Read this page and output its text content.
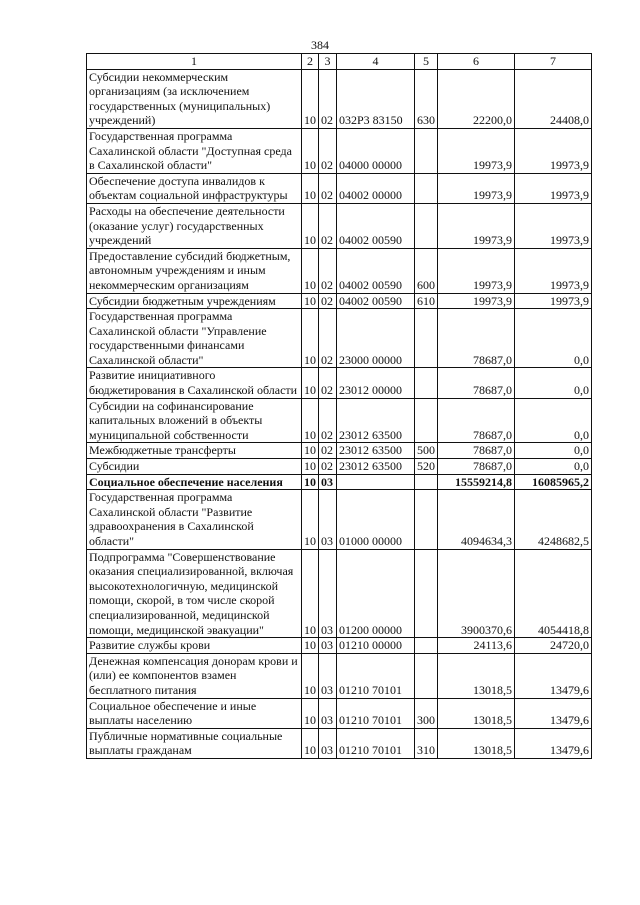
384
1	2	3	4	5	6	7
Субсидии некоммерческим организациям (за исключением государственных (муниципальных) учреждений)	10	02	032P3 83150	630	22200,0	24408,0
Государственная программа Сахалинской области "Доступная среда в Сахалинской области"	10	02	04000 00000		19973,9	19973,9
Обеспечение доступа инвалидов к объектам социальной инфраструктуры	10	02	04002 00000		19973,9	19973,9
Расходы на обеспечение деятельности (оказание услуг) государственных учреждений	10	02	04002 00590		19973,9	19973,9
Предоставление субсидий бюджетным, автономным учреждениям и иным некоммерческим организациям	10	02	04002 00590	600	19973,9	19973,9
Субсидии бюджетным учреждениям	10	02	04002 00590	610	19973,9	19973,9
Государственная программа Сахалинской области "Управление государственными финансами Сахалинской области"	10	02	23000 00000		78687,0	0,0
Развитие инициативного бюджетирования в Сахалинской области	10	02	23012 00000		78687,0	0,0
Субсидии на софинансирование капитальных вложений в объекты муниципальной собственности	10	02	23012 63500		78687,0	0,0
Межбюджетные трансферты	10	02	23012 63500	500	78687,0	0,0
Субсидии	10	02	23012 63500	520	78687,0	0,0
Социальное обеспечение населения	10	03			15559214,8	16085965,2
Государственная программа Сахалинской области "Развитие здравоохранения в Сахалинской области"	10	03	01000 00000		4094634,3	4248682,5
Подпрограмма "Совершенствование оказания специализированной, включая высокотехнологичную, медицинской помощи, скорой, в том числе скорой специализированной, медицинской помощи, медицинской эвакуации"	10	03	01200 00000		3900370,6	4054418,8
Развитие службы крови	10	03	01210 00000		24113,6	24720,0
Денежная компенсация донорам крови и (или) ее компонентов взамен бесплатного питания	10	03	01210 70101		13018,5	13479,6
Социальное обеспечение и иные выплаты населению	10	03	01210 70101	300	13018,5	13479,6
Публичные нормативные социальные выплаты гражданам	10	03	01210 70101	310	13018,5	13479,6
